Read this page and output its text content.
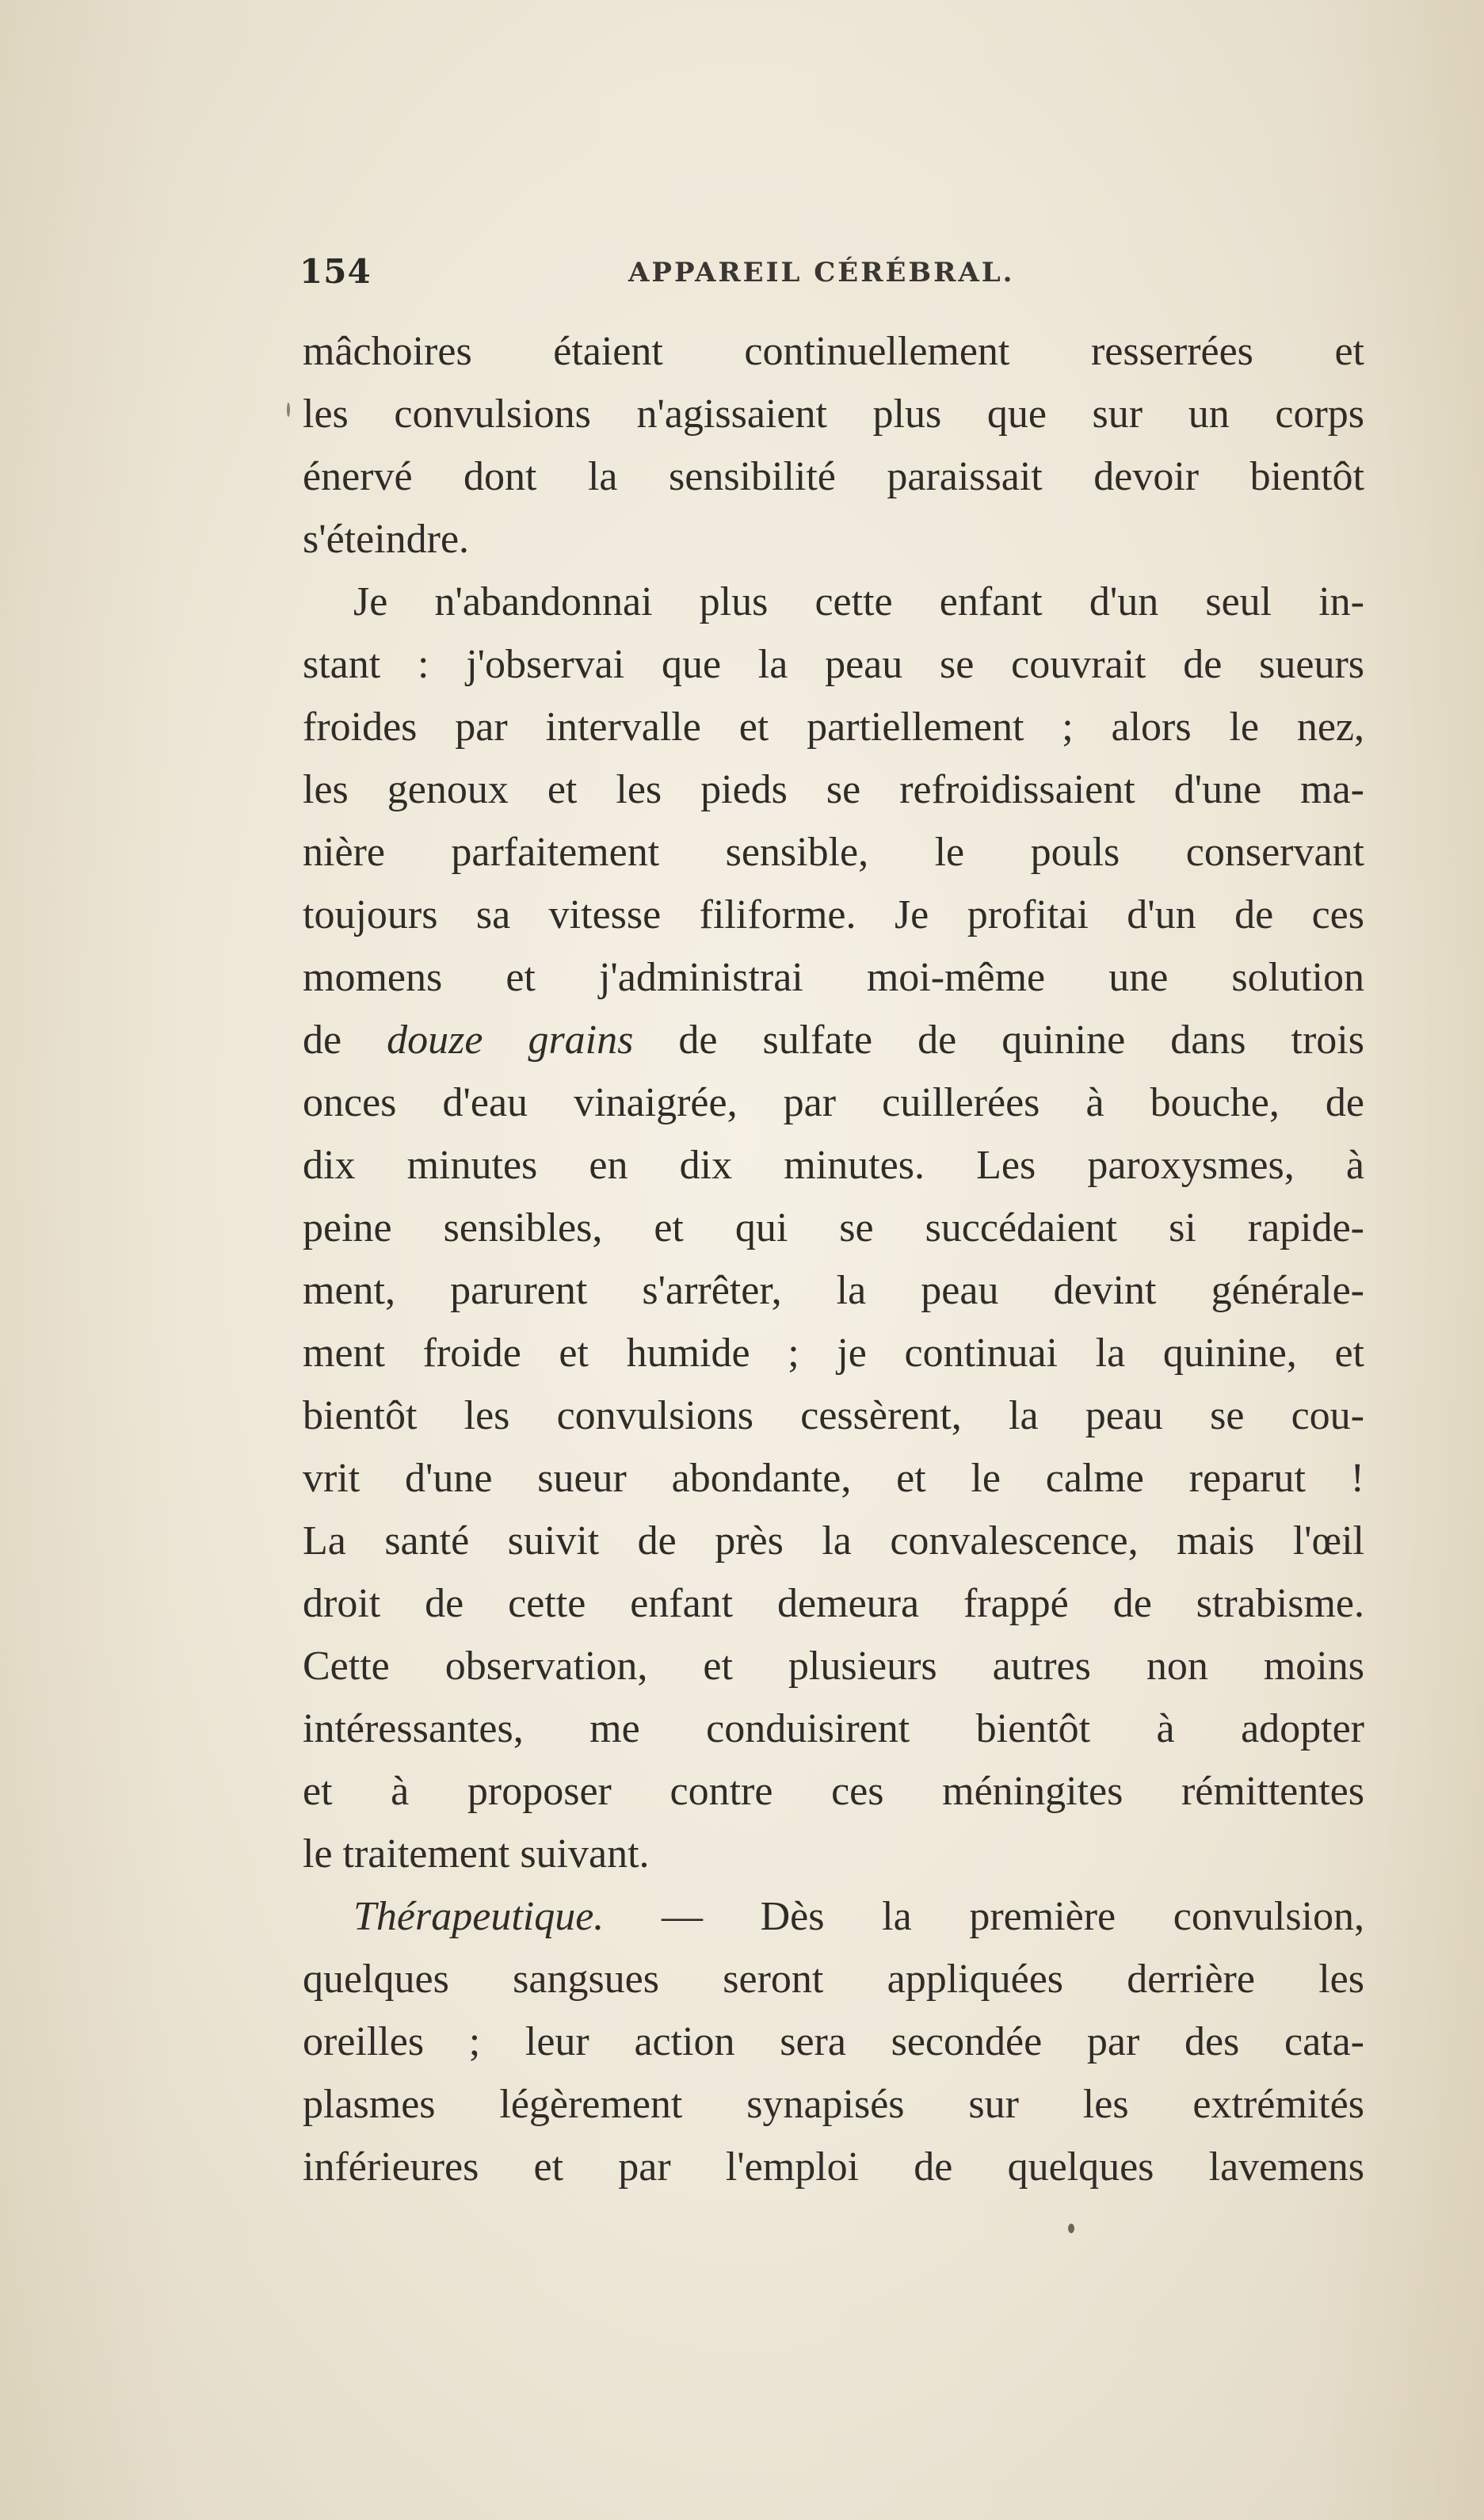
154	APPAREIL CÉRÉBRAL.
mâchoires étaient continuellement resserrées et
les convulsions n'agissaient plus que sur un corps
énervé dont la sensibilité paraissait devoir bientôt
s'éteindre.
Je n'abandonnai plus cette enfant d'un seul in-
stant : j'observai que la peau se couvrait de sueurs
froides par intervalle et partiellement ; alors le nez,
les genoux et les pieds se refroidissaient d'une ma-
nière parfaitement sensible, le pouls conservant
toujours sa vitesse filiforme. Je profitai d'un de ces
momens et j'administrai moi-même une solution
de douze grains de sulfate de quinine dans trois
onces d'eau vinaigrée, par cuillerées à bouche, de
dix minutes en dix minutes. Les paroxysmes, à
peine sensibles, et qui se succédaient si rapide-
ment, parurent s'arrêter, la peau devint générale-
ment froide et humide ; je continuai la quinine, et
bientôt les convulsions cessèrent, la peau se cou-
vrit d'une sueur abondante, et le calme reparut !
La santé suivit de près la convalescence, mais l'œil
droit de cette enfant demeura frappé de strabisme.
Cette observation, et plusieurs autres non moins
intéressantes, me conduisirent bientôt à adopter
et à proposer contre ces méningites rémittentes
le traitement suivant.
Thérapeutique. — Dès la première convulsion,
quelques sangsues seront appliquées derrière les
oreilles ; leur action sera secondée par des cata-
plasmes légèrement synapisés sur les extrémités
inférieures et par l'emploi de quelques lavemens
